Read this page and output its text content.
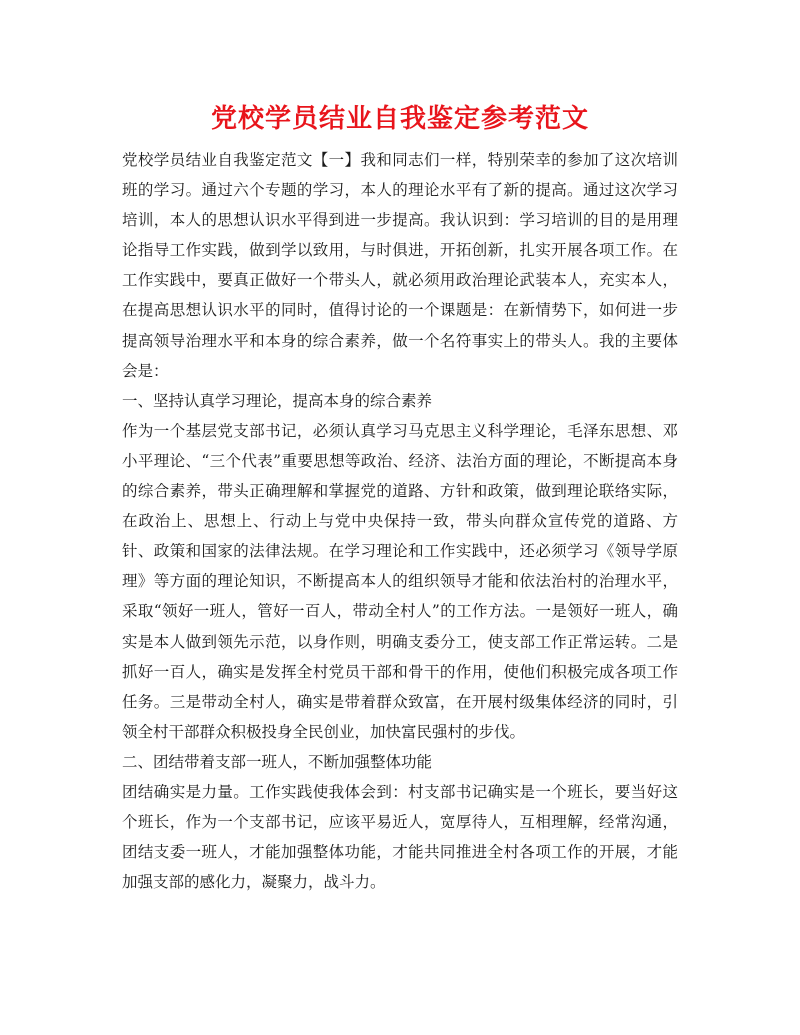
党校学员结业自我鉴定参考范文

党校学员结业自我鉴定范文【一】我和同志们一样，特别荣幸的参加了这次培训班的学习。通过六个专题的学习，本人的理论水平有了新的提高。通过这次学习培训，本人的思想认识水平得到进一步提高。我认识到：学习培训的目的是用理论指导工作实践，做到学以致用，与时俱进，开拓创新，扎实开展各项工作。在工作实践中，要真正做好一个带头人，就必须用政治理论武装本人，充实本人，在提高思想认识水平的同时，值得讨论的一个课题是：在新情势下，如何进一步提高领导治理水平和本身的综合素养，做一个名符事实上的带头人。我的主要体会是：

一、坚持认真学习理论，提高本身的综合素养

作为一个基层党支部书记，必须认真学习马克思主义科学理论，毛泽东思想、邓小平理论、“三个代表”重要思想等政治、经济、法治方面的理论，不断提高本身的综合素养，带头正确理解和掌握党的道路、方针和政策，做到理论联络实际，在政治上、思想上、行动上与党中央保持一致，带头向群众宣传党的道路、方针、政策和国家的法律法规。在学习理论和工作实践中，还必须学习《领导学原理》等方面的理论知识，不断提高本人的组织领导才能和依法治村的治理水平，采取“领好一班人，管好一百人，带动全村人”的工作方法。一是领好一班人，确实是本人做到领先示范，以身作则，明确支委分工，使支部工作正常运转。二是抓好一百人，确实是发挥全村党员干部和骨干的作用，使他们积极完成各项工作任务。三是带动全村人，确实是带着群众致富，在开展村级集体经济的同时，引领全村干部群众积极投身全民创业，加快富民强村的步伐。

二、团结带着支部一班人，不断加强整体功能

团结确实是力量。工作实践使我体会到：村支部书记确实是一个班长，要当好这个班长，作为一个支部书记，应该平易近人，宽厚待人，互相理解，经常沟通，团结支委一班人，才能加强整体功能，才能共同推进全村各项工作的开展，才能加强支部的感化力，凝聚力，战斗力。
